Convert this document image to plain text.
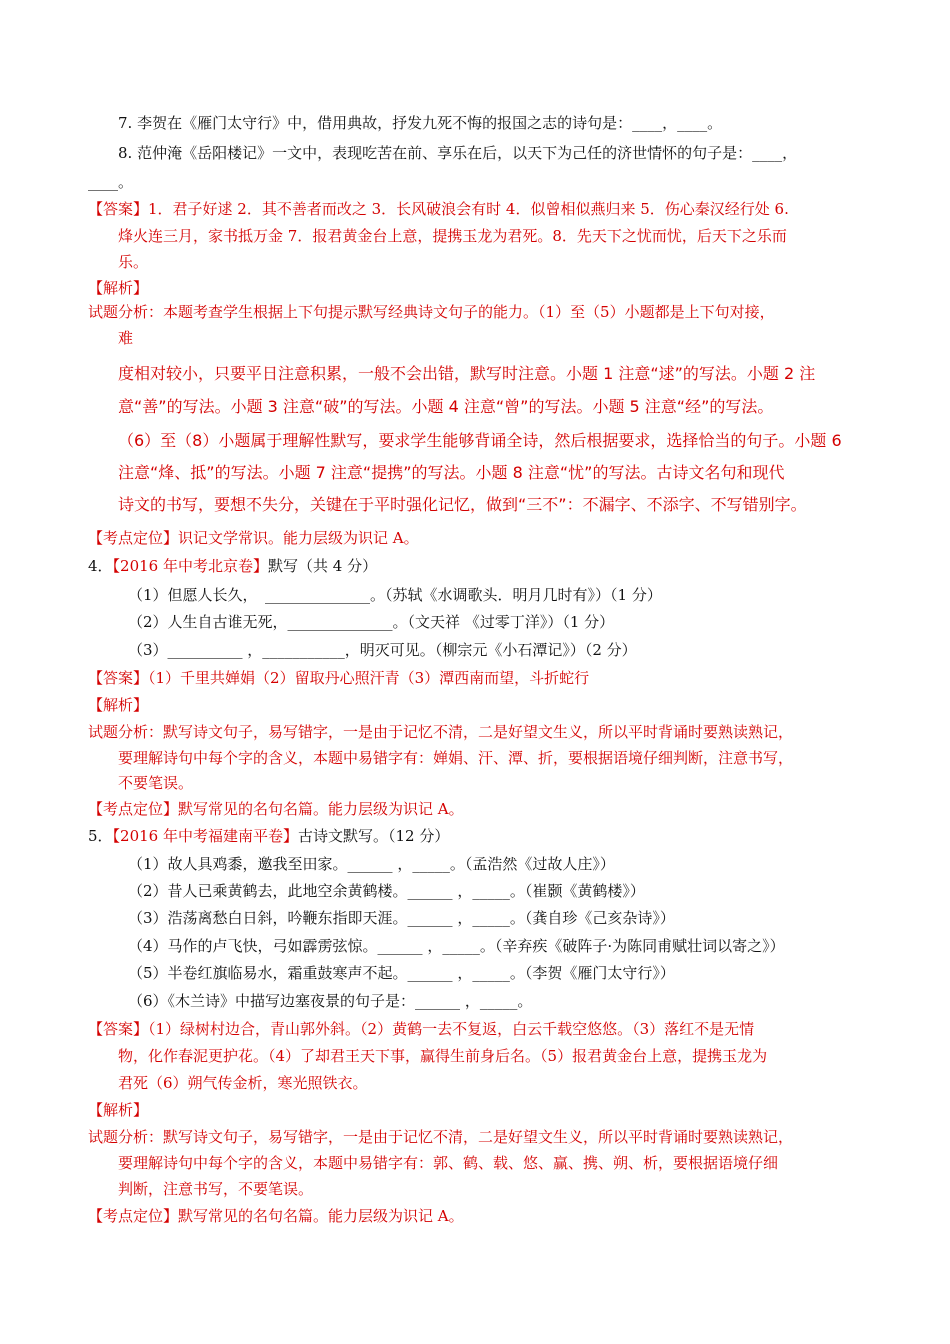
7. 李贺在《雁门太守行》中，借用典故，抒发九死不悔的报国之志的诗句是：____，____。
8. 范仲淹《岳阳楼记》一文中，表现吃苦在前、享乐在后，以天下为己任的济世情怀的句子是：____，
____。
【答案】1．君子好逑 2．其不善者而改之 3．长风破浪会有时 4．似曾相似燕归来 5．伤心秦汉经行处 6.
烽火连三月，家书抵万金 7．报君黄金台上意，提携玉龙为君死。8．先天下之忧而忧，后天下之乐而
乐。
【解析】
试题分析：本题考查学生根据上下句提示默写经典诗文句子的能力。（1）至（5）小题都是上下句对接，
难
度相对较小，只要平日注意积累，一般不会出错，默写时注意。小题 1 注意“逑”的写法。小题 2 注
意“善”的写法。小题 3 注意“破”的写法。小题 4 注意“曾”的写法。小题 5 注意“经”的写法。
（6）至（8）小题属于理解性默写，要求学生能够背诵全诗，然后根据要求，选择恰当的句子。小题 6
注意“烽、抵”的写法。小题 7 注意“提携”的写法。小题 8 注意“忧”的写法。古诗文名句和现代
诗文的书写，要想不失分，关键在于平时强化记忆，做到“三不”：不漏字、不添字、不写错别字。
【考点定位】识记文学常识。能力层级为识记 A。
4．【2016 年中考北京卷】默写（共 4 分）
（1）但愿人长久，　______________。（苏轼《水调歌头．明月几时有》）（1 分）
（2）人生自古谁无死，______________。（文天祥 《过零丁洋》）（1 分）
（3）__________ ，___________，明灭可见。（柳宗元《小石潭记》）（2 分）
【答案】（1）千里共婵娟（2）留取丹心照汗青（3）潭西南而望，斗折蛇行
【解析】
试题分析：默写诗文句子，易写错字，一是由于记忆不清，二是好望文生义，所以平时背诵时要熟读熟记，
要理解诗句中每个字的含义，本题中易错字有：婵娟、汗、潭、折，要根据语境仔细判断，注意书写，
不要笔误。
【考点定位】默写常见的名句名篇。能力层级为识记 A。
5．【2016 年中考福建南平卷】古诗文默写。（12 分）
（1）故人具鸡黍，邀我至田家。______ ，_____。（孟浩然《过故人庄》）
（2）昔人已乘黄鹤去，此地空余黄鹤楼。______ ，_____。（崔颢《黄鹤楼》）
（3）浩荡离愁白日斜，吟鞭东指即天涯。______ ，_____。（龚自珍《己亥杂诗》）
（4）马作的卢飞快，弓如霹雳弦惊。______ ，_____。（辛弃疾《破阵子·为陈同甫赋壮词以寄之》）
（5）半卷红旗临易水，霜重鼓寒声不起。______ ，_____。（李贺《雁门太守行》）
（6）《木兰诗》中描写边塞夜景的句子是：______ ，_____。
【答案】（1）绿树村边合，青山郭外斜。（2）黄鹤一去不复返，白云千载空悠悠。（3）落红不是无情
物，化作春泥更护花。（4）了却君王天下事，赢得生前身后名。（5）报君黄金台上意，提携玉龙为
君死（6）朔气传金析，寒光照铁衣。
【解析】
试题分析：默写诗文句子，易写错字，一是由于记忆不清，二是好望文生义，所以平时背诵时要熟读熟记，
要理解诗句中每个字的含义，本题中易错字有：郭、鹤、载、悠、赢、携、朔、析，要根据语境仔细
判断，注意书写，不要笔误。
【考点定位】默写常见的名句名篇。能力层级为识记 A。
